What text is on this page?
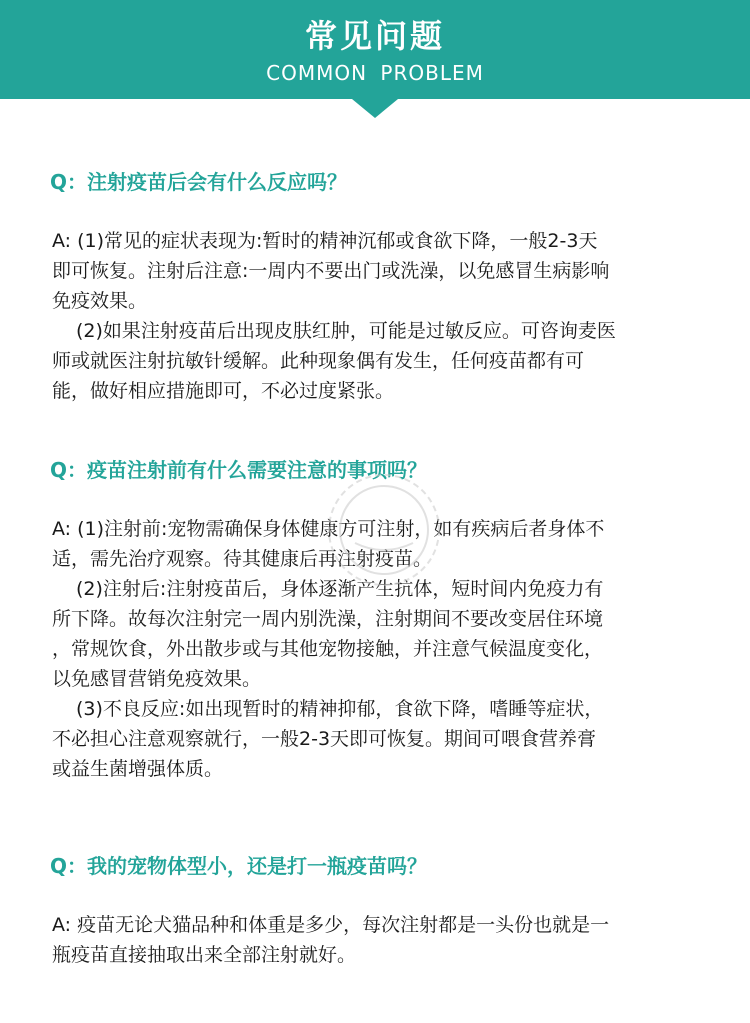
常见问题
COMMON PROBLEM
Q：注射疫苗后会有什么反应吗？
A: (1)常见的症状表现为:暂时的精神沉郁或食欲下降，一般2-3天
即可恢复。注射后注意:一周内不要出门或洗澡，以免感冒生病影响
免疫效果。
(2)如果注射疫苗后出现皮肤红肿，可能是过敏反应。可咨询麦医
师或就医注射抗敏针缓解。此种现象偶有发生，任何疫苗都有可
能，做好相应措施即可，不必过度紧张。
Q：疫苗注射前有什么需要注意的事项吗？
A: (1)注射前:宠物需确保身体健康方可注射，如有疾病后者身体不
适，需先治疗观察。待其健康后再注射疫苗。
(2)注射后:注射疫苗后，身体逐渐产生抗体，短时间内免疫力有
所下降。故每次注射完一周内别洗澡，注射期间不要改变居住环境
，常规饮食，外出散步或与其他宠物接触，并注意气候温度变化，
以免感冒营销免疫效果。
(3)不良反应:如出现暂时的精神抑郁，食欲下降，嗜睡等症状，
不必担心注意观察就行，一般2-3天即可恢复。期间可喂食营养膏
或益生菌增强体质。
Q：我的宠物体型小，还是打一瓶疫苗吗？
A: 疫苗无论犬猫品种和体重是多少，每次注射都是一头份也就是一
瓶疫苗直接抽取出来全部注射就好。
